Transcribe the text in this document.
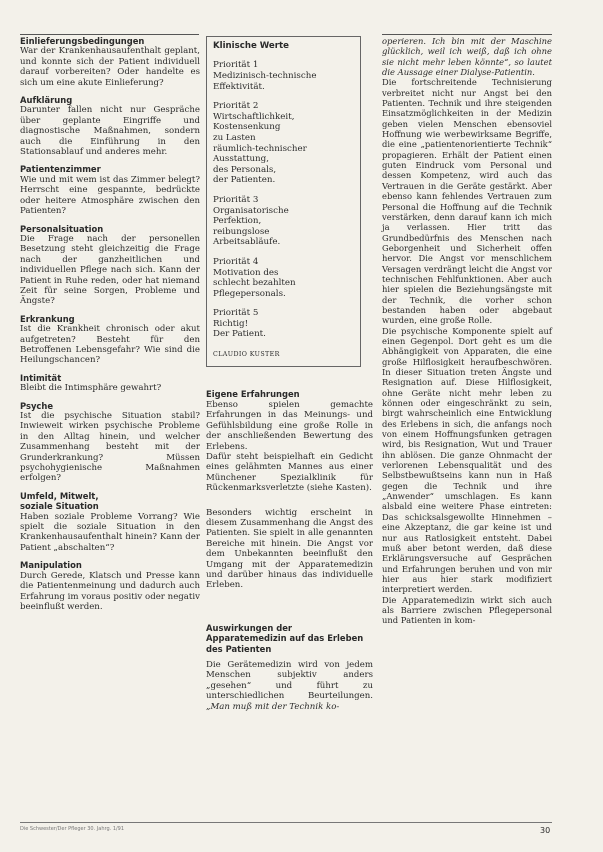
Einlieferungsbedingungen

War der Krankenhausaufenthalt geplant, und konnte sich der Patient individuell darauf vorbereiten? Oder handelte es sich um eine akute Einlieferung?

Aufklärung

Darunter fallen nicht nur Gespräche über geplante Eingriffe und diagnostische Maßnahmen, sondern auch die Einführung in den Stationsablauf und anderes mehr.

Patientenzimmer

Wie und mit wem ist das Zimmer belegt? Herrscht eine gespannte, bedrückte oder heitere Atmosphäre zwischen den Patienten?

Personalsituation

Die Frage nach der personellen Besetzung steht gleichzeitig die Frage nach der ganzheitlichen und individuellen Pflege nach sich. Kann der Patient in Ruhe reden, oder hat niemand Zeit für seine Sorgen, Probleme und Ängste?

Erkrankung

Ist die Krankheit chronisch oder akut aufgetreten? Besteht für den Betroffenen Lebensgefahr? Wie sind die Heilungschancen?

Intimität

Bleibt die Intimsphäre gewahrt?

Psyche

Ist die psychische Situation stabil? Inwieweit wirken psychische Probleme in den Alltag hinein, und welcher Zusammenhang besteht mit der Grunderkrankung? Müssen psychohygienische Maßnahmen erfolgen?

Umfeld, Mitwelt, soziale Situation

Haben soziale Probleme Vorrang? Wie spielt die soziale Situation in den Krankenhausaufenthalt hinein? Kann der Patient „abschalten“?

Manipulation

Durch Gerede, Klatsch und Presse kann die Patientenmeinung und dadurch auch Erfahrung im voraus positiv oder negativ beeinflußt werden.

Klinische Werte
Priorität 1
Medizinisch-technische
Effektivität.
Priorität 2
Wirtschaftlichkeit,
Kostensenkung
zu Lasten
räumlich-technischer
Ausstattung,
des Personals,
der Patienten.
Priorität 3
Organisatorische
Perfektion,
reibungslose
Arbeitsabläufe.
Priorität 4
Motivation des
schlecht bezahlten
Pflegepersonals.
Priorität 5
Richtig!
Der Patient.
CLAUDIO KUSTER
Eigene Erfahrungen

Ebenso spielen gemachte Erfahrungen in das Meinungs- und Gefühlsbildung eine große Rolle in der anschließenden Bewertung des Erlebens.

Dafür steht beispielhaft ein Gedicht eines gelähmten Mannes aus einer Münchener Spezialklinik für Rückenmarksverletzte (siehe Kasten).

Besonders wichtig erscheint in diesem Zusammenhang die Angst des Patienten. Sie spielt in alle genannten Bereiche mit hinein. Die Angst vor dem Unbekannten beeinflußt den Umgang mit der Apparatemedizin und darüber hinaus das individuelle Erleben.

Auswirkungen der Apparatemedizin auf das Erleben des Patienten

Die Gerätemedizin wird von jedem Menschen subjektiv anders „gesehen“ und führt zu unterschiedlichen Beurteilungen. „Man muß mit der Technik ko-

operieren. Ich bin mit der Maschine glücklich, weil ich weiß, daß ich ohne sie nicht mehr leben könnte“, so lautet die Aussage einer Dialyse-Patientin.

Die fortschreitende Technisierung verbreitet nicht nur Angst bei den Patienten. Technik und ihre steigenden Einsatzmöglichkeiten in der Medizin geben vielen Menschen ebensoviel Hoffnung wie werbewirksame Begriffe, die eine „patientenorientierte Technik“ propagieren. Erhält der Patient einen guten Eindruck vom Personal und dessen Kompetenz, wird auch das Vertrauen in die Geräte gestärkt. Aber ebenso kann fehlendes Vertrauen zum Personal die Hoffnung auf die Technik verstärken, denn darauf kann ich mich ja verlassen. Hier tritt das Grundbedürfnis des Menschen nach Geborgenheit und Sicherheit offen hervor. Die Angst vor menschlichem Versagen verdrängt leicht die Angst vor technischen Fehlfunktionen. Aber auch hier spielen die Beziehungsängste mit der Technik, die vorher schon bestanden haben oder abgebaut wurden, eine große Rolle.

Die psychische Komponente spielt auf einen Gegenpol. Dort geht es um die Abhängigkeit von Apparaten, die eine große Hilflosigkeit heraufbeschwören. In dieser Situation treten Ängste und Resignation auf. Diese Hilflosigkeit, ohne Geräte nicht mehr leben zu können oder eingeschränkt zu sein, birgt wahrscheinlich eine Entwicklung des Erlebens in sich, die anfangs noch von einem Hoffnungsfunken getragen wird, bis Resignation, Wut und Trauer ihn ablösen. Die ganze Ohnmacht der verlorenen Lebensqualität und des Selbstbewußtseins kann nun in Haß gegen die Technik und ihre „Anwender“ umschlagen. Es kann alsbald eine weitere Phase eintreten: Das schicksalsgewollte Hinnehmen – eine Akzeptanz, die gar keine ist und nur aus Ratlosigkeit entsteht. Dabei muß aber betont werden, daß diese Erklärungsversuche auf Gesprächen und Erfahrungen beruhen und von mir hier aus hier stark modifiziert interpretiert werden.

Die Apparatemedizin wirkt sich auch als Barriere zwischen Pflegepersonal und Patienten in kom-

Die Schwester/Der Pfleger 30. Jahrg. 1/91	30
